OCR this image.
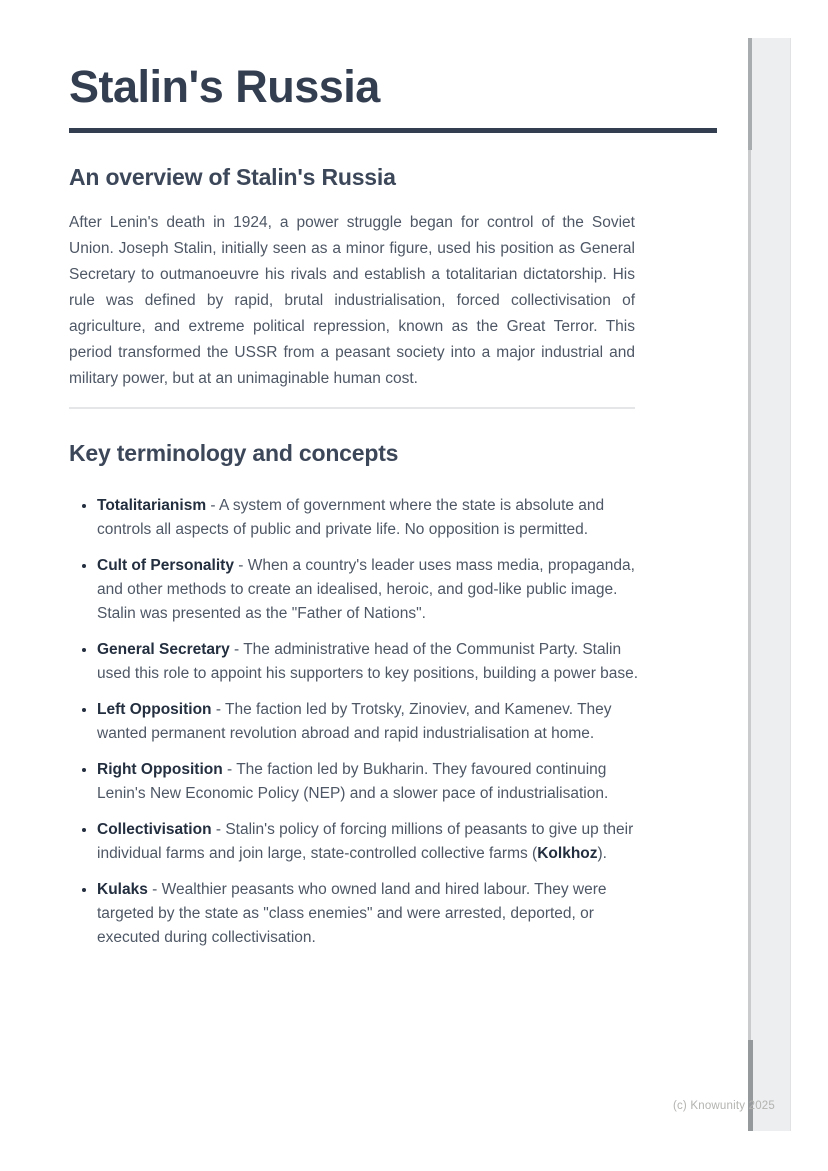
Stalin's Russia
An overview of Stalin's Russia

After Lenin's death in 1924, a power struggle began for control of the Soviet Union. Joseph Stalin, initially seen as a minor figure, used his position as General Secretary to outmanoeuvre his rivals and establish a totalitarian dictatorship. His rule was defined by rapid, brutal industrialisation, forced collectivisation of agriculture, and extreme political repression, known as the Great Terror. This period transformed the USSR from a peasant society into a major industrial and military power, but at an unimaginable human cost.

Key terminology and concepts
• Totalitarianism - A system of government where the state is absolute and controls all aspects of public and private life. No opposition is permitted.
• Cult of Personality - When a country's leader uses mass media, propaganda, and other methods to create an idealised, heroic, and god-like public image. Stalin was presented as the "Father of Nations".
• General Secretary - The administrative head of the Communist Party. Stalin used this role to appoint his supporters to key positions, building a power base.
• Left Opposition - The faction led by Trotsky, Zinoviev, and Kamenev. They wanted permanent revolution abroad and rapid industrialisation at home.
• Right Opposition - The faction led by Bukharin. They favoured continuing Lenin's New Economic Policy (NEP) and a slower pace of industrialisation.
• Collectivisation - Stalin's policy of forcing millions of peasants to give up their individual farms and join large, state-controlled collective farms (Kolkhoz).
• Kulaks - Wealthier peasants who owned land and hired labour. They were targeted by the state as "class enemies" and were arrested, deported, or executed during collectivisation.
(c) Knowunity 2025
